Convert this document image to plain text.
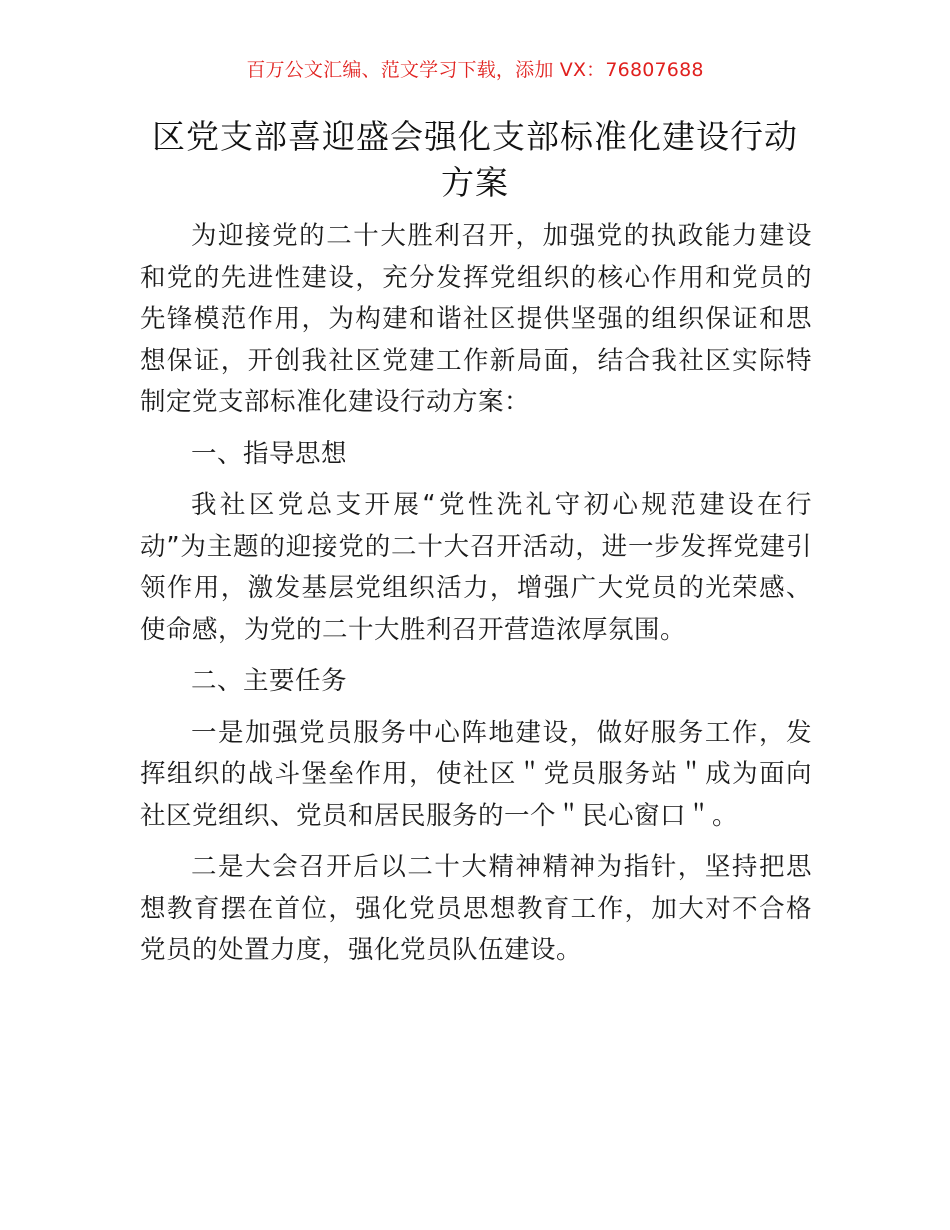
百万公文汇编、范文学习下载，添加 VX：76807688
区党支部喜迎盛会强化支部标准化建设行动方案

为迎接党的二十大胜利召开，加强党的执政能力建设和党的先进性建设，充分发挥党组织的核心作用和党员的先锋模范作用，为构建和谐社区提供坚强的组织保证和思想保证，开创我社区党建工作新局面，结合我社区实际特制定党支部标准化建设行动方案：

一、指导思想

我社区党总支开展“党性洗礼守初心规范建设在行动”为主题的迎接党的二十大召开活动，进一步发挥党建引领作用，激发基层党组织活力，增强广大党员的光荣感、使命感，为党的二十大胜利召开营造浓厚氛围。

二、主要任务

一是加强党员服务中心阵地建设，做好服务工作，发挥组织的战斗堡垒作用，使社区＂党员服务站＂成为面向社区党组织、党员和居民服务的一个＂民心窗口＂。

二是大会召开后以二十大精神精神为指针，坚持把思想教育摆在首位，强化党员思想教育工作，加大对不合格党员的处置力度，强化党员队伍建设。
